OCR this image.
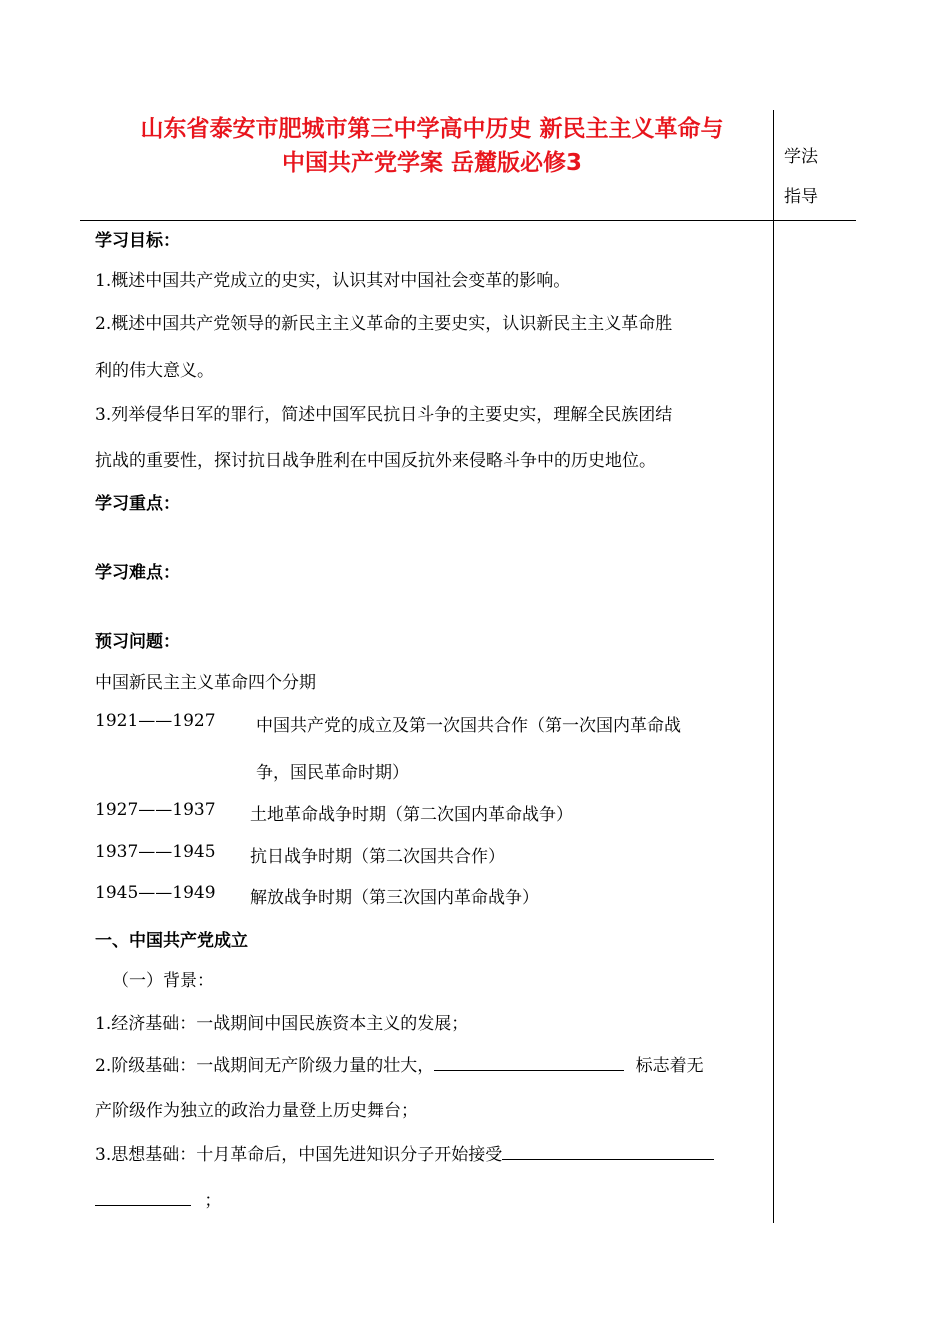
山东省泰安市肥城市第三中学高中历史 新民主主义革命与
中国共产党学案 岳麓版必修3	学法
指导
学习目标：
1.概述中国共产党成立的史实，认识其对中国社会变革的影响。
2.概述中国共产党领导的新民主主义革命的主要史实，认识新民主主义革命胜
利的伟大意义。
3.列举侵华日军的罪行，简述中国军民抗日斗争的主要史实，理解全民族团结
抗战的重要性，探讨抗日战争胜利在中国反抗外来侵略斗争中的历史地位。
学习重点：
学习难点：
预习问题：
中国新民主主义革命四个分期
1921——1927 中国共产党的成立及第一次国共合作（第一次国内革命战
争，国民革命时期）
1927——1937 土地革命战争时期（第二次国内革命战争）
1937——1945 抗日战争时期（第二次国共合作）
1945——1949 解放战争时期（第三次国内革命战争）
一、中国共产党成立
（一）背景：
1.经济基础：一战期间中国民族资本主义的发展；
2.阶级基础：一战期间无产阶级力量的壮大，	标志着无
产阶级作为独立的政治力量登上历史舞台；
3.思想基础：十月革命后，中国先进知识分子开始接受
；
